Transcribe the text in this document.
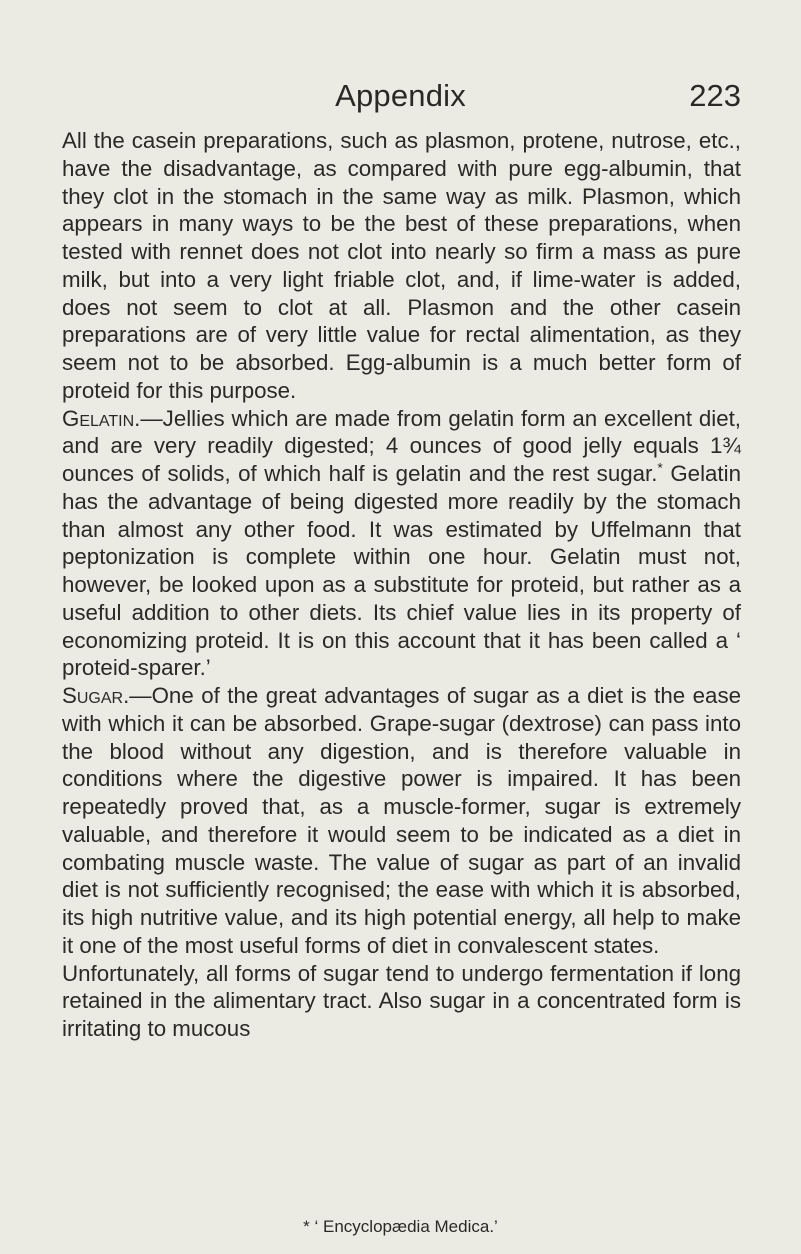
Appendix	223

All the casein preparations, such as plasmon, protene, nutrose, etc., have the disadvantage, as compared with pure egg-albumin, that they clot in the stomach in the same way as milk. Plasmon, which appears in many ways to be the best of these preparations, when tested with rennet does not clot into nearly so firm a mass as pure milk, but into a very light friable clot, and, if lime-water is added, does not seem to clot at all. Plasmon and the other casein preparations are of very little value for rectal alimentation, as they seem not to be absorbed. Egg-albumin is a much better form of proteid for this purpose.

Gelatin.—Jellies which are made from gelatin form an excellent diet, and are very readily digested; 4 ounces of good jelly equals 1¾ ounces of solids, of which half is gelatin and the rest sugar.* Gelatin has the advantage of being digested more readily by the stomach than almost any other food. It was estimated by Uffelmann that peptonization is complete within one hour. Gelatin must not, however, be looked upon as a substitute for proteid, but rather as a useful addition to other diets. Its chief value lies in its property of economizing proteid. It is on this account that it has been called a ‘ proteid-sparer.’

Sugar.—One of the great advantages of sugar as a diet is the ease with which it can be absorbed. Grape-sugar (dextrose) can pass into the blood without any digestion, and is therefore valuable in conditions where the digestive power is impaired. It has been repeatedly proved that, as a muscle-former, sugar is extremely valuable, and therefore it would seem to be indicated as a diet in combating muscle waste. The value of sugar as part of an invalid diet is not sufficiently recognised; the ease with which it is absorbed, its high nutritive value, and its high potential energy, all help to make it one of the most useful forms of diet in convalescent states.

Unfortunately, all forms of sugar tend to undergo fermentation if long retained in the alimentary tract. Also sugar in a concentrated form is irritating to mucous

* ‘ Encyclopædia Medica.’
